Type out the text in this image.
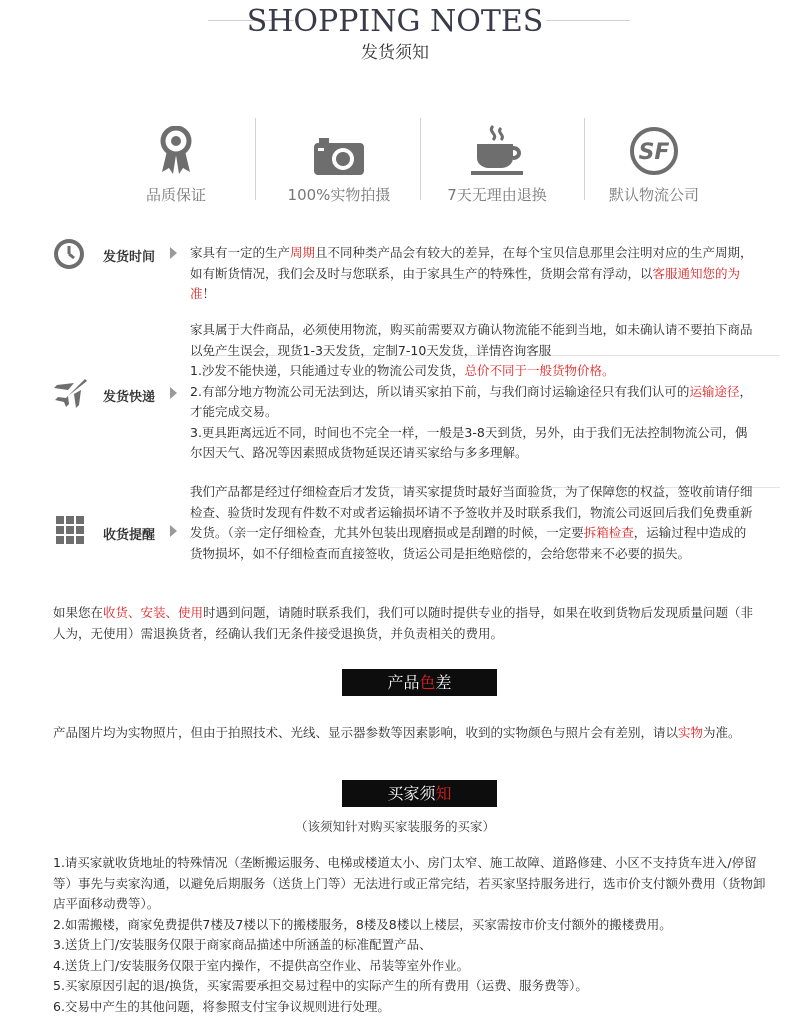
SHOPPING NOTES
发货须知
品质保证	100%实物拍摄	7天无理由退换
SF
默认物流公司
发货时间	家具有一定的生产周期且不同种类产品会有较大的差异，在每个宝贝信息那里会注明对应的生产周期，如有断货情况，我们会及时与您联系，由于家具生产的特殊性，货期会常有浮动，以客服通知您的为准！

发货快递

家具属于大件商品，必须使用物流，购买前需要双方确认物流能不能到当地，如未确认请不要拍下商品以免产生误会，现货1-3天发货，定制7-10天发货，详情咨询客服

1.沙发不能快递，只能通过专业的物流公司发货，总价不同于一般货物价格。

2.有部分地方物流公司无法到达，所以请买家拍下前，与我们商讨运输途径只有我们认可的运输途径，才能完成交易。

3.更具距离远近不同，时间也不完全一样，一般是3-8天到货，另外，由于我们无法控制物流公司，偶尔因天气、路况等因素照成货物延误还请买家给与多多理解。

收货提醒

我们产品都是经过仔细检查后才发货，请买家提货时最好当面验货，为了保障您的权益，签收前请仔细检查、验货时发现有件数不对或者运输损坏请不予签收并及时联系我们，物流公司返回后我们免费重新发货。（亲一定仔细检查，尤其外包装出现磨损或是刮蹭的时候，一定要拆箱检查，运输过程中造成的货物损坏，如不仔细检查而直接签收，货运公司是拒绝赔偿的，会给您带来不必要的损失。

如果您在收货、安装、使用时遇到问题，请随时联系我们，我们可以随时提供专业的指导，如果在收到货物后发现质量问题（非人为，无使用）需退换货者，经确认我们无条件接受退换货，并负责相关的费用。

产品色差

产品图片均为实物照片，但由于拍照技术、光线、显示器参数等因素影响，收到的实物颜色与照片会有差别，请以实物为准。

买家须知
（该须知针对购买家装服务的买家）

1.请买家就收货地址的特殊情况（垄断搬运服务、电梯或楼道太小、房门太窄、施工故障、道路修建、小区不支持货车进入/停留等）事先与卖家沟通，以避免后期服务（送货上门等）无法进行或正常完结，若买家坚持服务进行，选市价支付额外费用（货物卸店平面移动费等）。

2.如需搬楼，商家免费提供7楼及7楼以下的搬楼服务，8楼及8楼以上楼层，买家需按市价支付额外的搬楼费用。

3.送货上门/安装服务仅限于商家商品描述中所涵盖的标准配置产品、

4.送货上门/安装服务仅限于室内操作，不提供高空作业、吊装等室外作业。

5.买家原因引起的退/换货，买家需要承担交易过程中的实际产生的所有费用（运费、服务费等）。

6.交易中产生的其他问题，将参照支付宝争议规则进行处理。
